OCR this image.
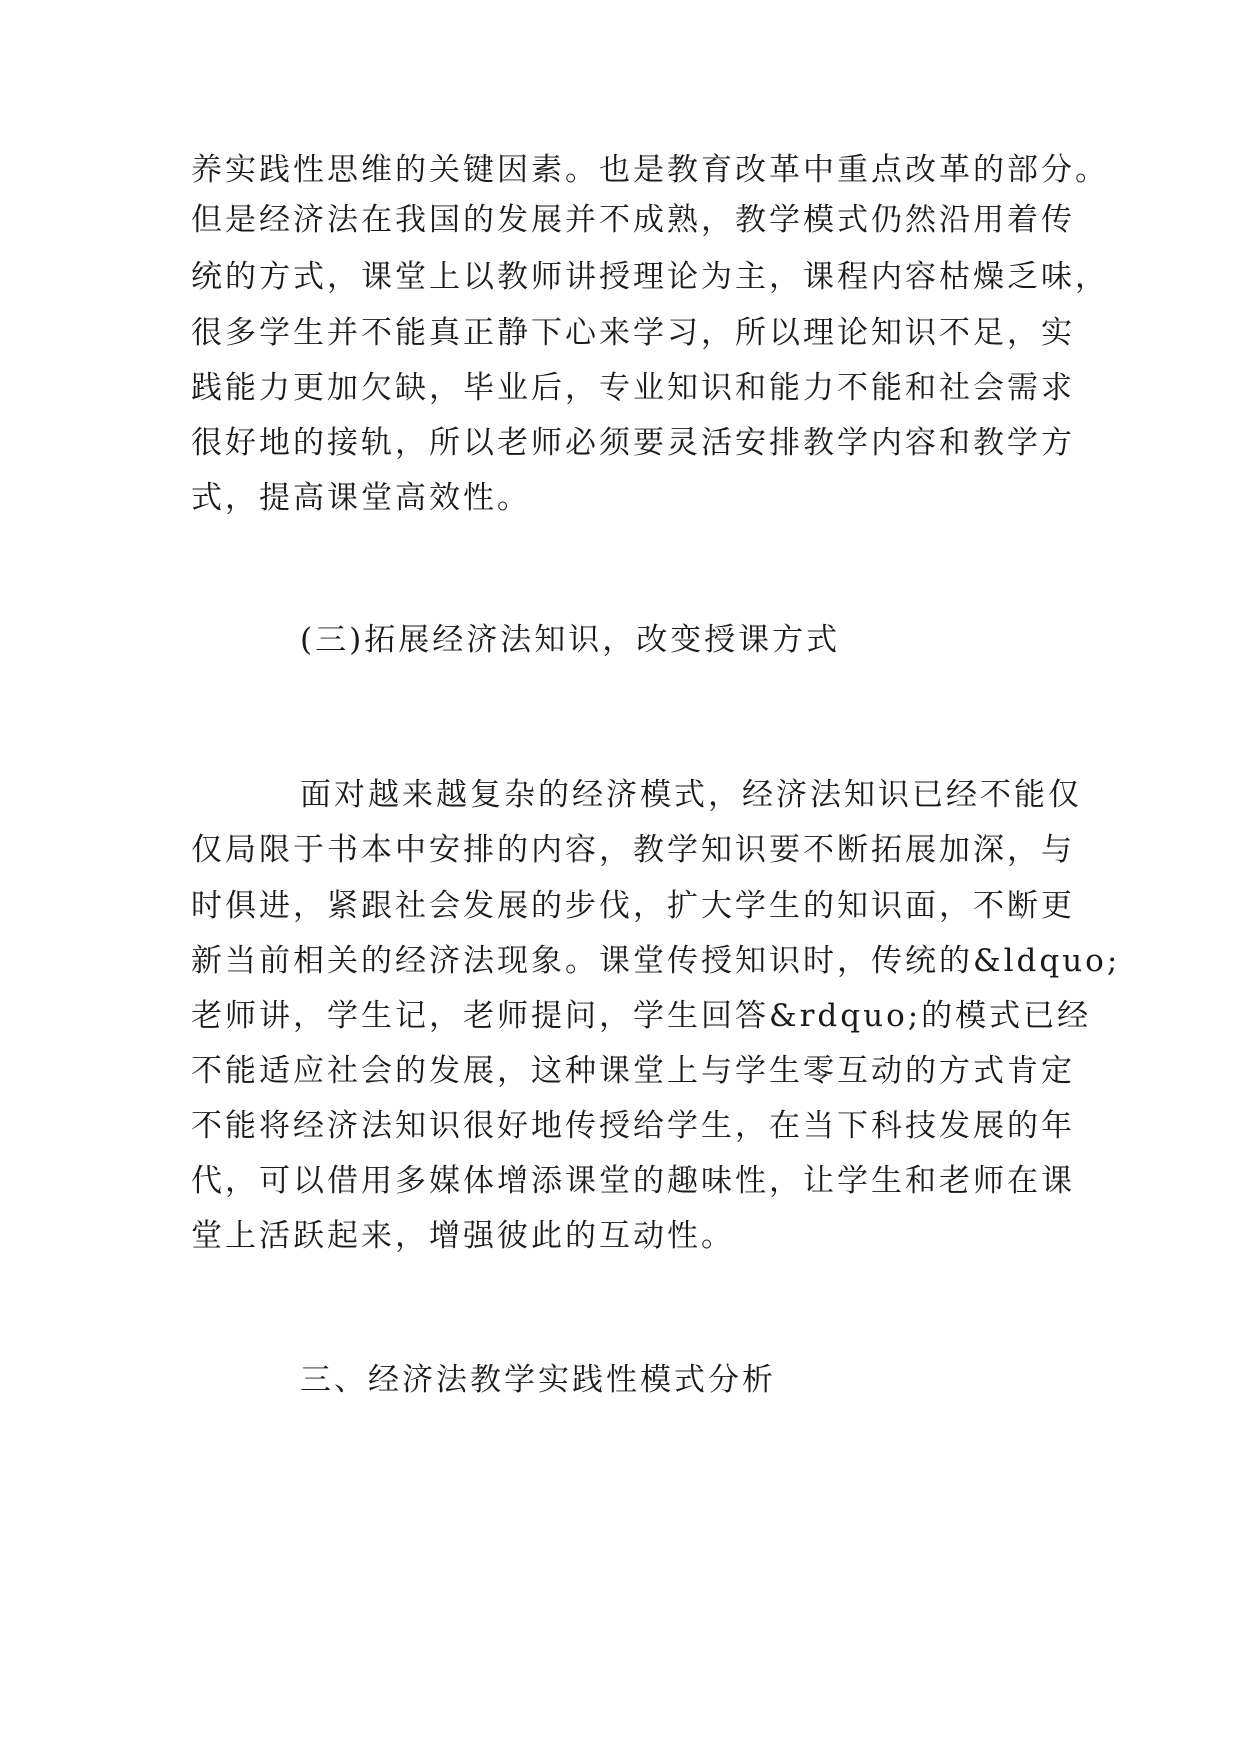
养实践性思维的关键因素。也是教育改革中重点改革的部分。

但是经济法在我国的发展并不成熟，教学模式仍然沿用着传

统的方式，课堂上以教师讲授理论为主，课程内容枯燥乏味，

很多学生并不能真正静下心来学习，所以理论知识不足，实

践能力更加欠缺，毕业后，专业知识和能力不能和社会需求

很好地的接轨，所以老师必须要灵活安排教学内容和教学方

式，提高课堂高效性。

(三)拓展经济法知识，改变授课方式

面对越来越复杂的经济模式，经济法知识已经不能仅

仅局限于书本中安排的内容，教学知识要不断拓展加深，与

时俱进，紧跟社会发展的步伐，扩大学生的知识面，不断更

新当前相关的经济法现象。课堂传授知识时，传统的&ldquo;

老师讲，学生记，老师提问，学生回答&rdquo;的模式已经

不能适应社会的发展，这种课堂上与学生零互动的方式肯定

不能将经济法知识很好地传授给学生，在当下科技发展的年

代，可以借用多媒体增添课堂的趣味性，让学生和老师在课

堂上活跃起来，增强彼此的互动性。

三、经济法教学实践性模式分析
